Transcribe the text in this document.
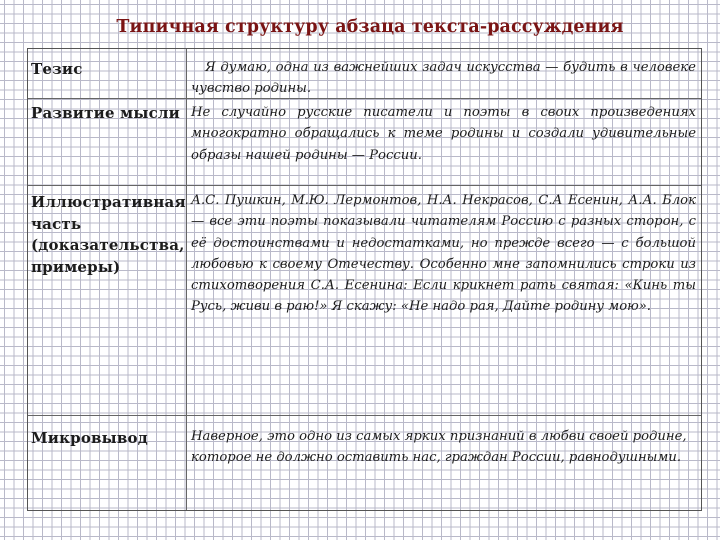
Типичная структуру абзаца текста-рассуждения
Тезис	Я думаю, одна из важнейших задач искусства — будить в человеке чувство родины.
Развитие мысли Не случайно русские писатели и поэты в своих произведениях многократно обращались к теме родины и создали удивительные образы нашей родины — России.
Иллюстративная часть (доказательства, примеры)
А.С. Пушкин, М.Ю. Лермонтов, Н.А. Некрасов, С.А Есенин, А.А. Блок — все эти поэты показывали читателям Россию с разных сторон, с её достоинствами и недостатками, но прежде всего — с большой любовью к своему Отечеству. Особенно мне запомнились строки из стихотворения С.А. Есенина: Если крикнет рать святая: «Кинь ты Русь, живи в раю!» Я скажу: «Не надо рая, Дайте родину мою».
Микровывод	Наверное, это одно из самых ярких признаний в любви своей родине, которое не должно оставить нас, граждан России, равнодушными.
